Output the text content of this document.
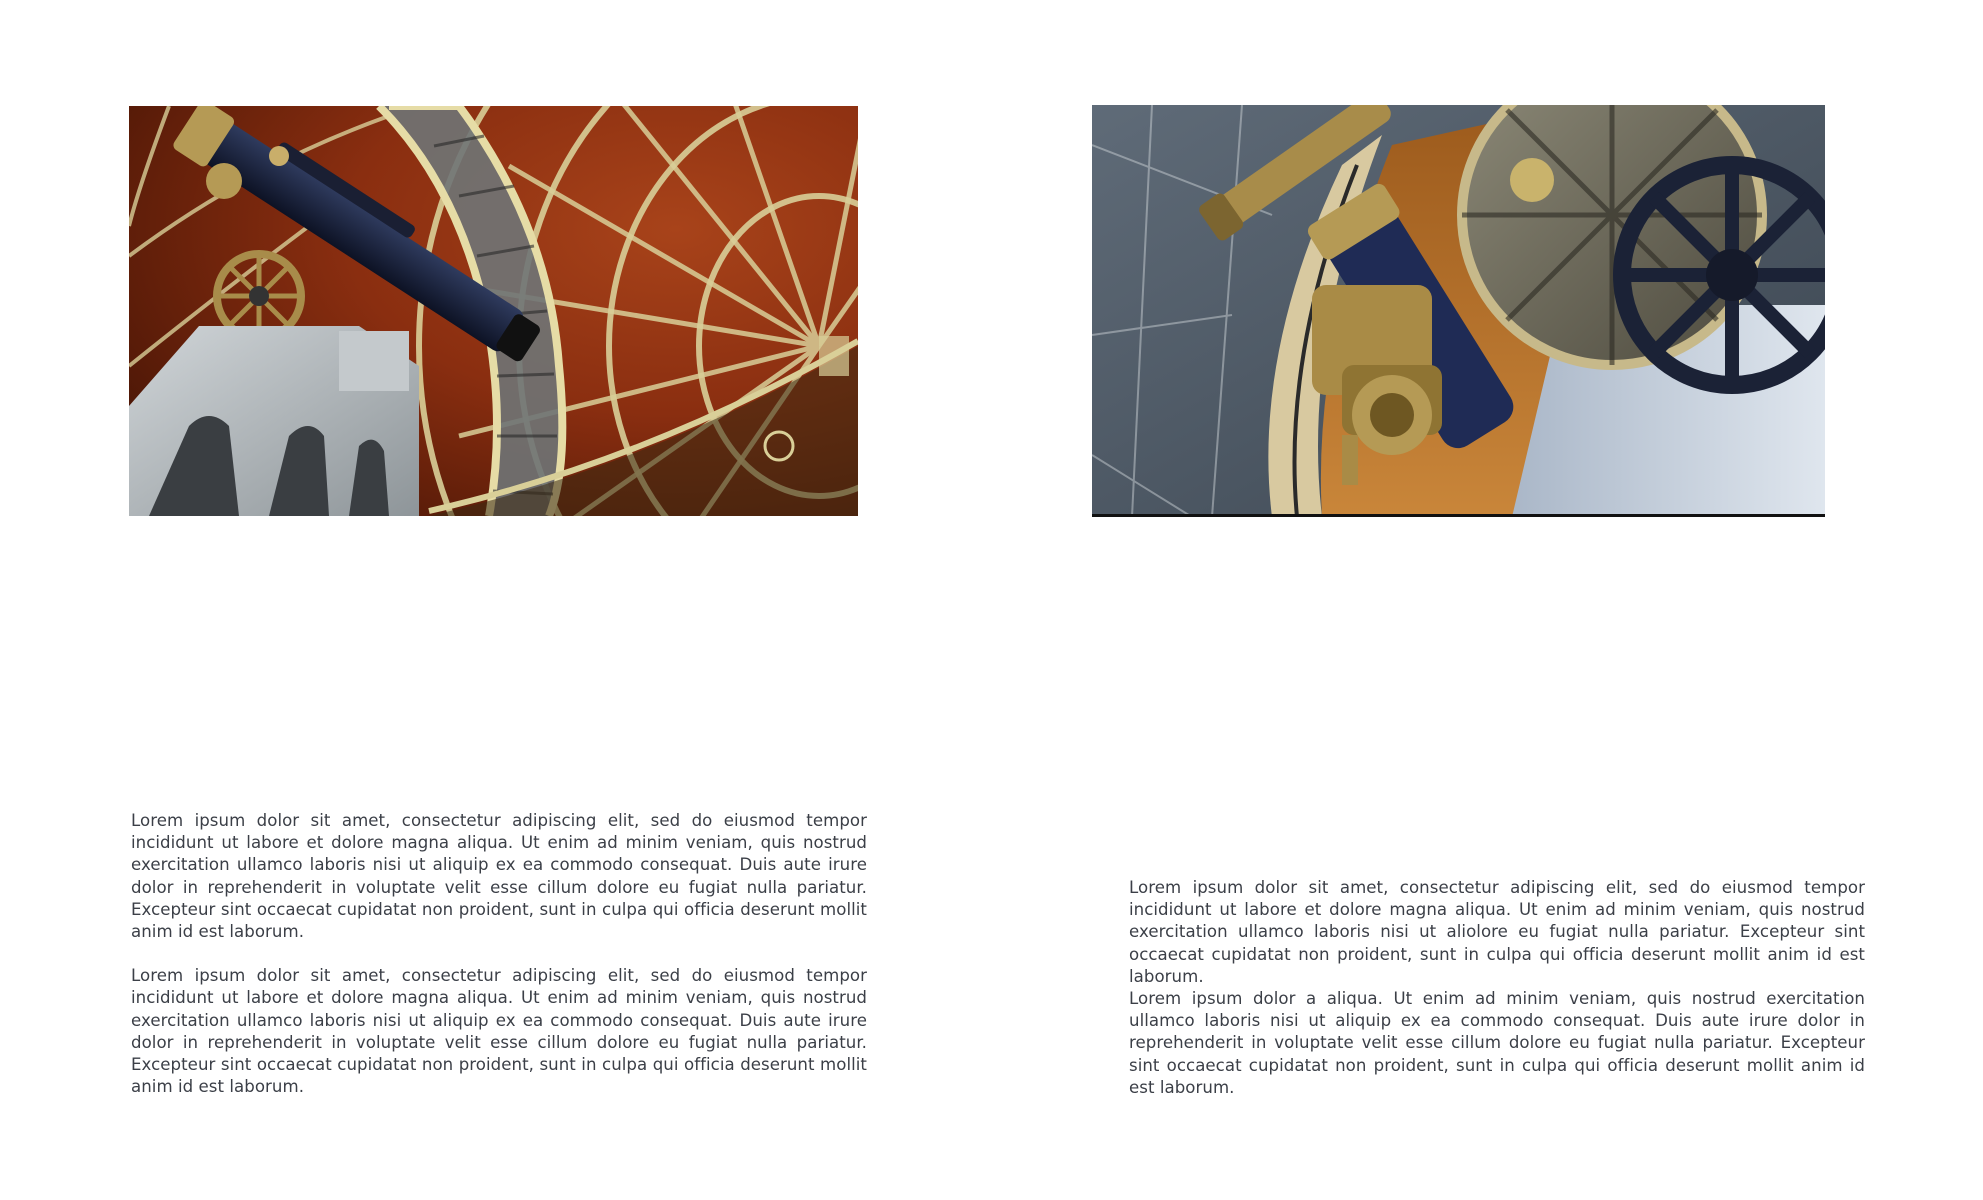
Lorem ipsum dolor sit amet, consectetur adipiscing elit, sed do eiusmod tempor incididunt ut labore et dolore magna aliqua. Ut enim ad minim veniam, quis nostrud exercitation ullamco laboris nisi ut aliquip ex ea commodo consequat. Duis aute irure dolor in reprehenderit in voluptate velit esse cillum dolore eu fugiat nulla pariatur. Excepteur sint occaecat cupidatat non proident, sunt in culpa qui officia deserunt mollit anim id est laborum.

Lorem ipsum dolor sit amet, consectetur adipiscing elit, sed do eiusmod tempor incididunt ut labore et dolore magna aliqua. Ut enim ad minim veniam, quis nostrud exercitation ullamco laboris nisi ut aliquip ex ea commodo consequat. Duis aute irure dolor in reprehenderit in voluptate velit esse cillum dolore eu fugiat nulla pariatur. Excepteur sint occaecat cupidatat non proident, sunt in culpa qui officia deserunt mollit anim id est laborum.

Lorem ipsum dolor sit amet, consectetur adipiscing elit, sed do eiusmod tempor incididunt ut labore et dolore magna aliqua. Ut enim ad minim veniam, quis nostrud exercitation ullamco laboris nisi ut aliolore eu fugiat nulla pariatur. Excepteur sint occaecat cupidatat non proident, sunt in culpa qui officia deserunt mollit anim id est laborum.

Lorem ipsum dolor a aliqua. Ut enim ad minim veniam, quis nostrud exercitation ullamco laboris nisi ut aliquip ex ea commodo consequat. Duis aute irure dolor in reprehenderit in voluptate velit esse cillum dolore eu fugiat nulla pariatur. Excepteur sint occaecat cupidatat non proident, sunt in culpa qui officia deserunt mollit anim id est laborum.
